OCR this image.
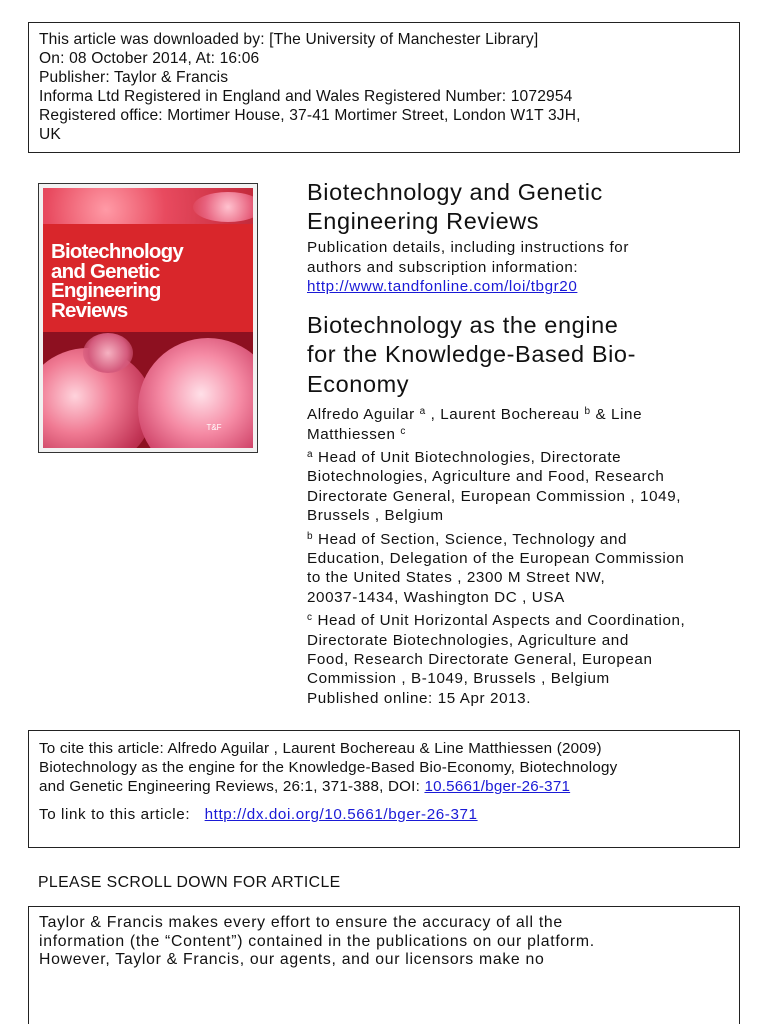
This article was downloaded by: [The University of Manchester Library]
On: 08 October 2014, At: 16:06
Publisher: Taylor & Francis
Informa Ltd Registered in England and Wales Registered Number: 1072954
Registered office: Mortimer House, 37-41 Mortimer Street, London W1T 3JH,
UK
Biotechnology
and Genetic
Engineering
Reviews
T&F
Biotechnology and Genetic
Engineering Reviews
Publication details, including instructions for
authors and subscription information:
http://www.tandfonline.com/loi/tbgr20
Biotechnology as the engine
for the Knowledge-Based Bio-
Economy
Alfredo Aguilar $^a$ , Laurent Bochereau $^b$ & Line
Matthiessen $^c$
$^a$ Head of Unit Biotechnologies, Directorate
Biotechnologies, Agriculture and Food, Research
Directorate General, European Commission , 1049,
Brussels , Belgium
$^b$ Head of Section, Science, Technology and
Education, Delegation of the European Commission
to the United States , 2300 M Street NW,
20037-1434, Washington DC , USA
$^c$ Head of Unit Horizontal Aspects and Coordination,
Directorate Biotechnologies, Agriculture and
Food, Research Directorate General, European
Commission , B-1049, Brussels , Belgium
Published online: 15 Apr 2013.
To cite this article: Alfredo Aguilar , Laurent Bochereau & Line Matthiessen (2009)
Biotechnology as the engine for the Knowledge-Based Bio-Economy, Biotechnology
and Genetic Engineering Reviews, 26:1, 371-388, DOI: 10.5661/bger-26-371
To link to this article: http://dx.doi.org/10.5661/bger-26-371
PLEASE SCROLL DOWN FOR ARTICLE
Taylor & Francis makes every effort to ensure the accuracy of all the
information (the “Content”) contained in the publications on our platform.
However, Taylor & Francis, our agents, and our licensors make no
